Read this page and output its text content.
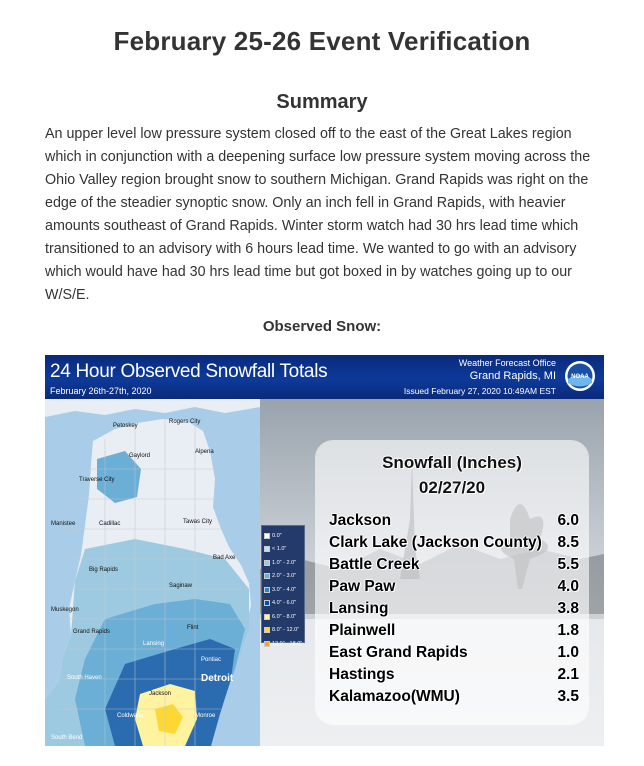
February 25-26 Event Verification
Summary

An upper level low pressure system closed off to the east of the Great Lakes region which in conjunction with a deepening surface low pressure system moving across the Ohio Valley region brought snow to southern Michigan. Grand Rapids was right on the edge of the steadier synoptic snow. Only an inch fell in Grand Rapids, with heavier amounts southeast of Grand Rapids. Winter storm watch had 30 hrs lead time which transitioned to an advisory with 6 hours lead time. We wanted to go with an advisory which would have had 30 hrs lead time but got boxed in by watches going up to our W/S/E.

Observed Snow:
24 Hour Observed Snowfall Totals
February 26th-27th, 2020
Weather Forecast Office
Grand Rapids, MI
Issued February 27, 2020 10:49AM EST
NOAA
Petoskey
Rogers City
Gaylord
Alpena
Traverse City
Manistee	Cadillac	Tawas City
Big Rapids
Bad Axe
Saginaw
Muskegon
Grand Rapids
Flint
Lansing
Pontiac
South Haven
Jackson
Detroit
Coldwater	Monroe
South Bend
0.0"
< 1.0"
1.0" - 2.0"
2.0" - 3.0"
3.0" - 4.0"
4.0" - 6.0"
6.0" - 8.0"
8.0" - 12.0"
12.0" - 18.0"
Snowfall (Inches)
02/27/20
Jackson	6.0
Clark Lake (Jackson County) 8.5
Battle Creek	5.5
Paw Paw	4.0
Lansing	3.8
Plainwell	1.8
East Grand Rapids	1.0
Hastings	2.1
Kalamazoo(WMU)	3.5
